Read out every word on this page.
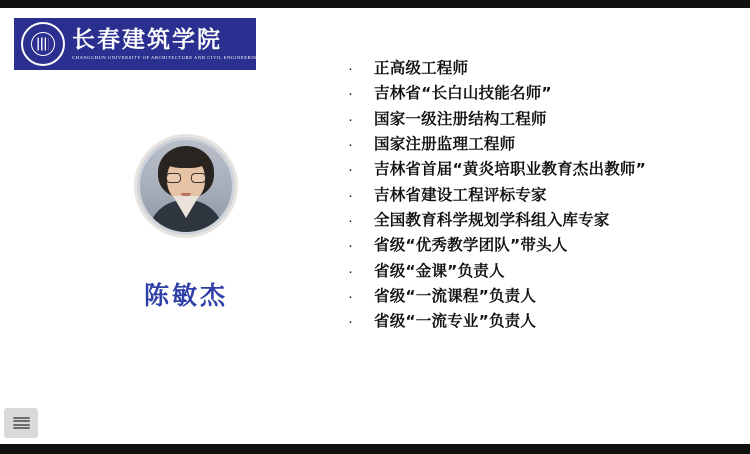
长春建筑学院
CHANGCHUN UNIVERSITY OF ARCHITECTURE AND CIVIL ENGINEERING
陈敏杰
·	正高级工程师
·	吉林省“长白山技能名师”
·	国家一级注册结构工程师
·	国家注册监理工程师
·	吉林省首届“黄炎培职业教育杰出教师”
·	吉林省建设工程评标专家
·	全国教育科学规划学科组入库专家
·	省级“优秀教学团队”带头人
·	省级“金课”负责人
·	省级“一流课程”负责人
·	省级“一流专业”负责人
